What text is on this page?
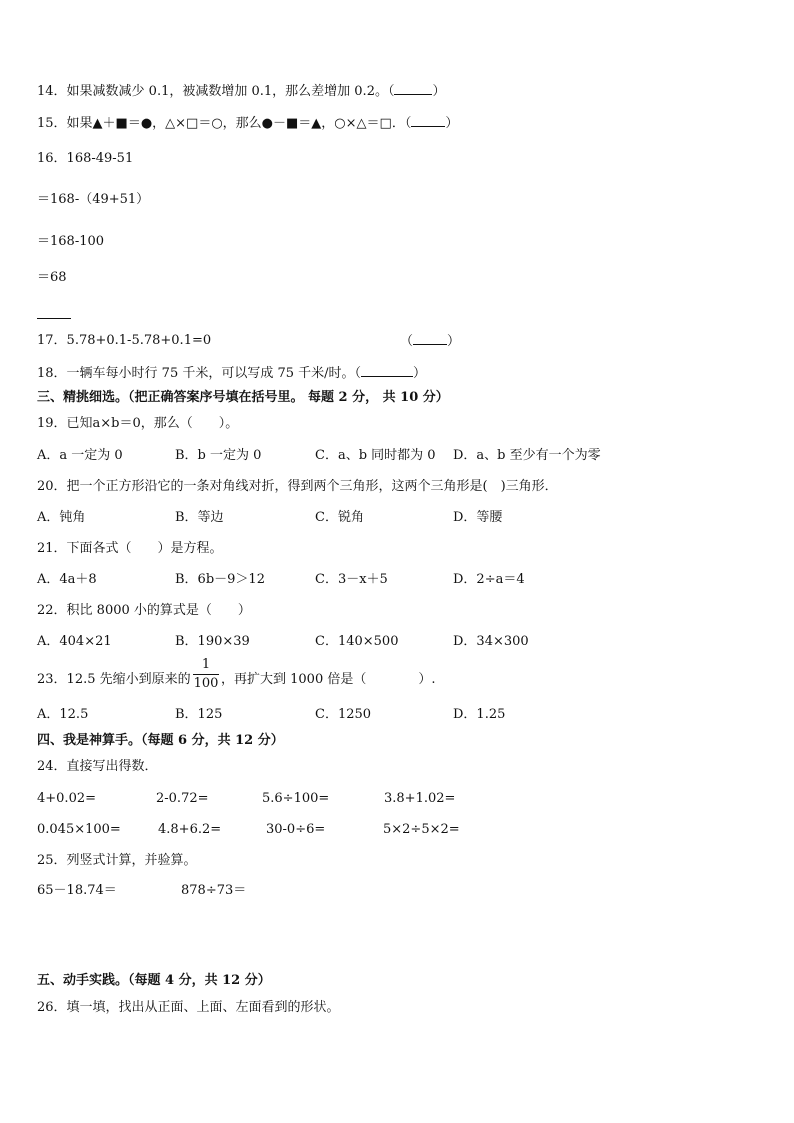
14．如果减数减少 0.1，被减数增加 0.1，那么差增加 0.2。（	）
15．如果▲＋■＝●，△×□＝○，那么●－■＝▲，○×△＝□．（	）
16．168-49-51
＝168-（49+51）
＝168-100
＝68
17．5.78+0.1-5.78+0.1=0	（	）
18．一辆车每小时行 75 千米，可以写成 75 千米/时。（	）
三、精挑细选。（把正确答案序号填在括号里。 每题 2 分， 共 10 分）
19．已知a×b＝0，那么（　　）。
A．a 一定为 0	B．b 一定为 0	C．a、b 同时都为 0 D．a、b 至少有一个为零
20．把一个正方形沿它的一条对角线对折，得到两个三角形，这两个三角形是(　)三角形．
A．钝角	B．等边	C．锐角	D．等腰
21．下面各式（　　）是方程。
A．4a＋8	B．6b－9＞12	C．3－x＋5	D．2÷a＝4
22．积比 8000 小的算式是（　　）
A．404×21	B．190×39	C．140×500	D．34×300
23．12.5 先缩小到原来的
1
100 ，再扩大到 1000 倍是（　　　　）.
A．12.5	B．125	C．1250	D．1.25
四、我是神算手。（每题 6 分，共 12 分）
24．直接写出得数．
4+0.02=	2-0.72=	5.6÷100=	3.8+1.02=
0.045×100=	4.8+6.2=	30-0÷6=	5×2÷5×2=
25．列竖式计算，并验算。
65－18.74＝	878÷73＝
五、动手实践。（每题 4 分，共 12 分）
26．填一填，找出从正面、上面、左面看到的形状。
